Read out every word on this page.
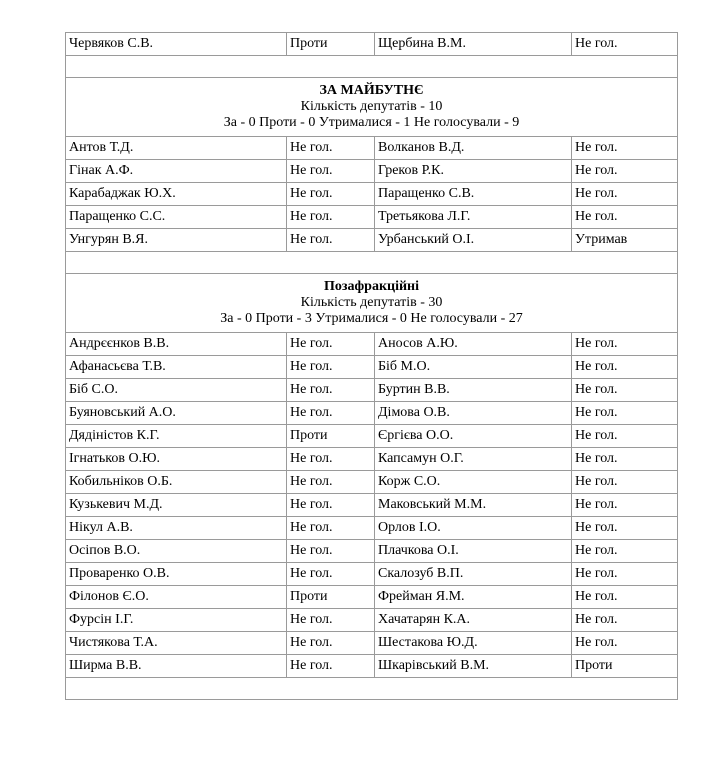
Червяков С.В.	Проти	Щербина В.М.	Не гол.

ЗА МАЙБУТНЄ
Кількість депутатів - 10
За - 0 Проти - 0 Утрималися - 1 Не голосували - 9			

Антов Т.Д.	Не гол.	Волканов В.Д.	Не гол.
Гінак А.Ф.	Не гол.	Греков Р.К.	Не гол.
Карабаджак Ю.Х.	Не гол.	Паращенко С.В.	Не гол.
Паращенко С.С.	Не гол.	Третьякова Л.Г.	Не гол.
Унгурян В.Я.	Не гол.	Урбанський О.І.	Утримав

Позафракційні
Кількість депутатів - 30
За - 0 Проти - 3 Утрималися - 0 Не голосували - 27			

Андрєєнков В.В.	Не гол.	Аносов А.Ю.	Не гол.
Афанасьєва Т.В.	Не гол.	Біб М.О.	Не гол.
Біб С.О.	Не гол.	Буртин В.В.	Не гол.
Буяновський А.О.	Не гол.	Дімова О.В.	Не гол.
Дядіністов К.Г.	Проти	Єргієва О.О.	Не гол.
Ігнатьков О.Ю.	Не гол.	Капсамун О.Г.	Не гол.
Кобильніков О.Б.	Не гол.	Корж С.О.	Не гол.
Кузькевич М.Д.	Не гол.	Маковський М.М.	Не гол.
Нікул А.В.	Не гол.	Орлов І.О.	Не гол.
Осіпов В.О.	Не гол.	Плачкова О.І.	Не гол.
Проваренко О.В.	Не гол.	Скалозуб В.П.	Не гол.
Філонов Є.О.	Проти	Фрейман Я.М.	Не гол.
Фурсін І.Г.	Не гол.	Хачатарян К.А.	Не гол.
Чистякова Т.А.	Не гол.	Шестакова Ю.Д.	Не гол.
Ширма В.В.	Не гол.	Шкарівський В.М.	Проти
